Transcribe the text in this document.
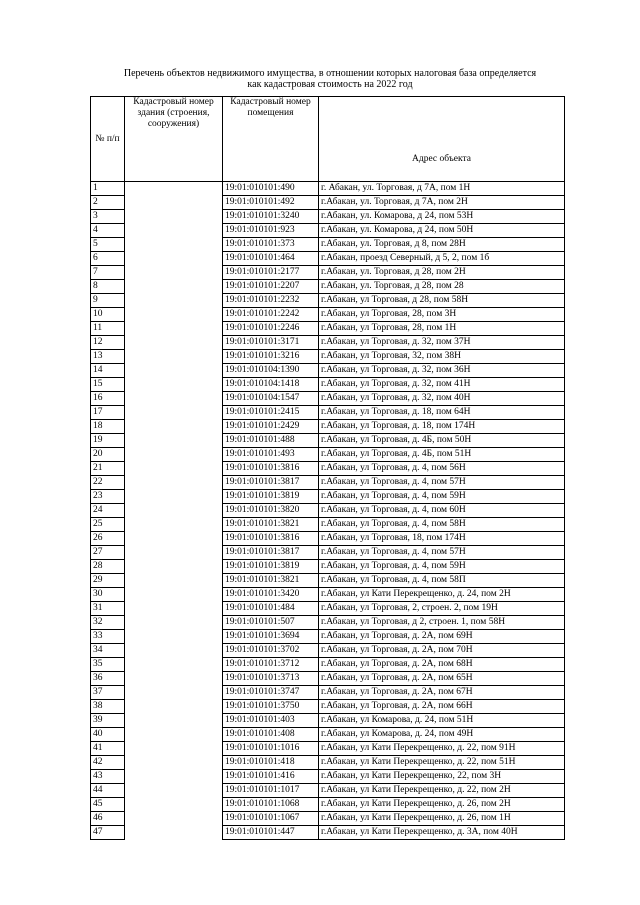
Перечень объектов недвижимого имущества, в отношении которых налоговая база определяется
как кадастровая стоимость на 2022 год
№ п/п	Кадастровый номер здания (строения, сооружения)	Кадастровый номер помещения	Адрес объекта
1		19:01:010101:490	г. Абакан, ул. Торговая, д 7А, пом 1Н
2		19:01:010101:492	г.Абакан, ул. Торговая, д 7А, пом 2Н
3		19:01:010101:3240	г.Абакан, ул. Комарова, д 24, пом 53Н
4		19:01:010101:923	г.Абакан, ул. Комарова, д 24, пом 50Н
5		19:01:010101:373	г.Абакан, ул. Торговая, д 8, пом 28Н
6		19:01:010101:464	г.Абакан, проезд Северный, д 5, 2, пом 1б
7		19:01:010101:2177	г.Абакан, ул. Торговая, д 28, пом 2Н
8		19:01:010101:2207	г.Абакан, ул. Торговая, д 28, пом 28
9		19:01:010101:2232	г.Абакан, ул Торговая, д 28, пом 58Н
10		19:01:010101:2242	г.Абакан, ул Торговая, 28, пом 3Н
11		19:01:010101:2246	г.Абакан, ул Торговая, 28, пом 1Н
12		19:01:010101:3171	г.Абакан, ул Торговая, д. 32, пом 37Н
13		19:01:010101:3216	г.Абакан, ул Торговая, 32, пом 38Н
14		19:01:010104:1390	г.Абакан, ул Торговая, д. 32, пом 36Н
15		19:01:010104:1418	г.Абакан, ул Торговая, д. 32, пом 41Н
16		19:01:010104:1547	г.Абакан, ул Торговая, д. 32, пом 40Н
17		19:01:010101:2415	г.Абакан, ул Торговая, д. 18, пом 64Н
18		19:01:010101:2429	г.Абакан, ул Торговая, д. 18, пом 174Н
19		19:01:010101:488	г.Абакан, ул Торговая, д. 4Б, пом 50Н
20		19:01:010101:493	г.Абакан, ул Торговая, д. 4Б, пом 51Н
21		19:01:010101:3816	г.Абакан, ул Торговая, д. 4, пом 56Н
22		19:01:010101:3817	г.Абакан, ул Торговая, д. 4, пом 57Н
23		19:01:010101:3819	г.Абакан, ул Торговая, д. 4, пом 59Н
24		19:01:010101:3820	г.Абакан, ул Торговая, д. 4, пом 60Н
25		19:01:010101:3821	г.Абакан, ул Торговая, д. 4, пом 58Н
26		19:01:010101:3816	г.Абакан, ул Торговая, 18, пом 174Н
27		19:01:010101:3817	г.Абакан, ул Торговая, д. 4, пом 57Н
28		19:01:010101:3819	г.Абакан, ул Торговая, д. 4, пом 59Н
29		19:01:010101:3821	г.Абакан, ул Торговая, д. 4, пом 58П
30		19:01:010101:3420	г.Абакан, ул Кати Перекрещенко, д. 24, пом 2Н
31		19:01:010101:484	г.Абакан, ул Торговая, 2, строен. 2, пом 19Н
32		19:01:010101:507	г.Абакан, ул Торговая, д 2, строен. 1, пом 58Н
33		19:01:010101:3694	г.Абакан, ул Торговая, д. 2А, пом 69Н
34		19:01:010101:3702	г.Абакан, ул Торговая, д. 2А, пом 70Н
35		19:01:010101:3712	г.Абакан, ул Торговая, д. 2А, пом 68Н
36		19:01:010101:3713	г.Абакан, ул Торговая, д. 2А, пом 65Н
37		19:01:010101:3747	г.Абакан, ул Торговая, д. 2А, пом 67Н
38		19:01:010101:3750	г.Абакан, ул Торговая, д. 2А, пом 66Н
39		19:01:010101:403	г.Абакан, ул Комарова, д. 24, пом 51Н
40		19:01:010101:408	г.Абакан, ул Комарова, д. 24, пом 49Н
41		19:01:010101:1016	г.Абакан, ул Кати Перекрещенко, д. 22, пом 91Н
42		19:01:010101:418	г.Абакан, ул Кати Перекрещенко, д. 22, пом 51Н
43		19:01:010101:416	г.Абакан, ул Кати Перекрещенко, 22, пом 3Н
44		19:01:010101:1017	г.Абакан, ул Кати Перекрещенко, д. 22, пом 2Н
45		19:01:010101:1068	г.Абакан, ул Кати Перекрещенко, д. 26, пом 2Н
46		19:01:010101:1067	г.Абакан, ул Кати Перекрещенко, д. 26, пом 1Н
47		19:01:010101:447	г.Абакан, ул Кати Перекрещенко, д. 3А, пом 40Н
